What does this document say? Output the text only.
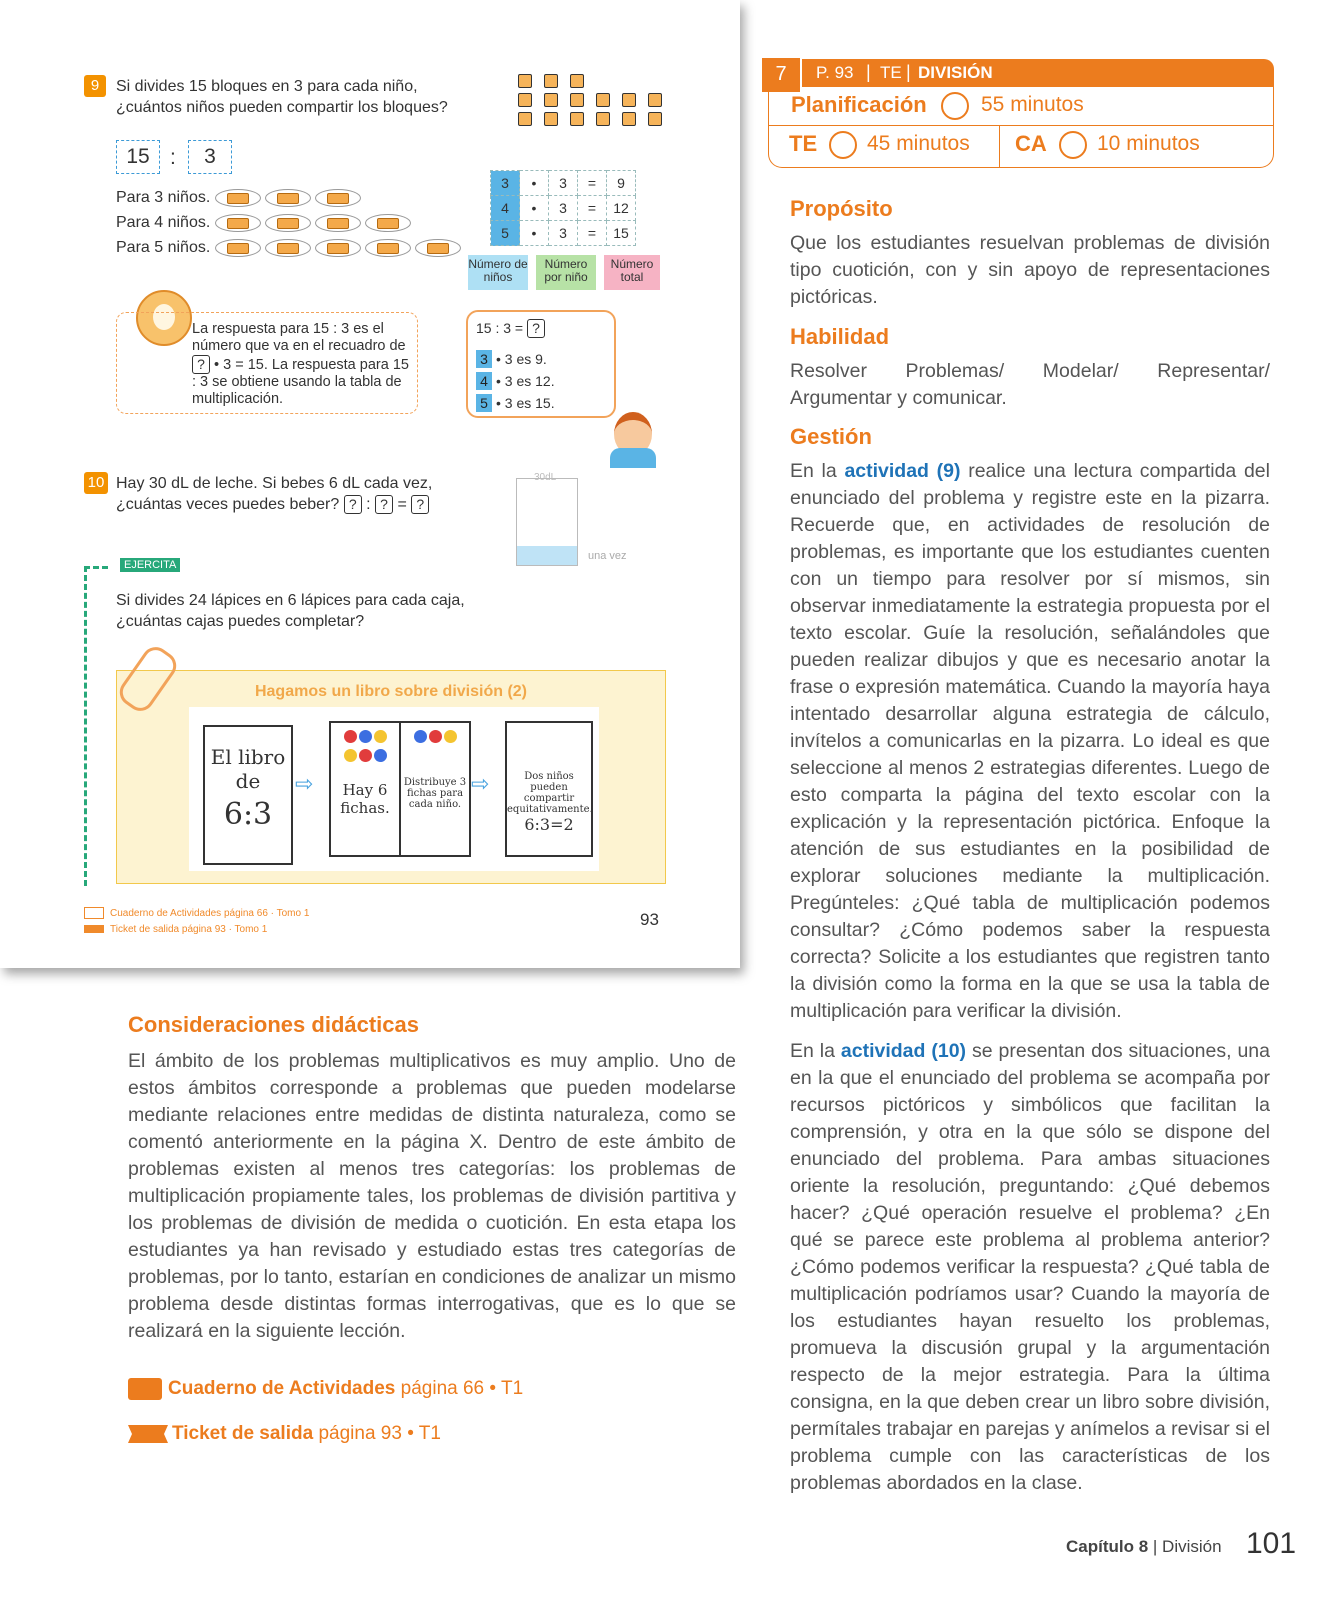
9	Si divides 15 bloques en 3 para cada niño,
¿cuántos niños pueden compartir los bloques?
15 :	3
Para 3 niños.
Para 4 niños.
Para 5 niños.
3	•	3	=	9
4	•	3	=	12
5	•	3	=	15
Número de niños
Número por niño
Número total
La respuesta para 15 : 3 es el número que va en el recuadro de ? • 3 = 15. La respuesta para 15 : 3 se obtiene usando la tabla de multiplicación.
15 : 3 = ?
3 • 3 es 9.
4 • 3 es 12.
5 • 3 es 15.
10 Hay 30 dL de leche. Si bebes 6 dL cada vez,
¿cuántas veces puedes beber? ? : ? = ?
30dL
una vez
EJERCITA
Si divides 24 lápices en 6 lápices para cada caja,
¿cuántas cajas puedes completar?
Hagamos un libro sobre división (2)
El libro
de
6:3
⇨	Hay 6 fichas.
Distribuye 3 fichas para cada niño.
⇨	Dos niños pueden compartir equitativamente.
6:3=2
Cuaderno de Actividades página 66 · Tomo 1
Ticket de salida página 93 · Tomo 1
93
P. 93 | TE | DIVISIÓN
7
Planificación	55 minutos
TE 45 minutos CA 10 minutos
Propósito
Que los estudiantes resuelvan problemas de división tipo cuotición, con y sin apoyo de representaciones pictóricas.
Habilidad
Resolver Problemas/ Modelar/ Representar/ Argumentar y comunicar.
Gestión
En la actividad (9) realice una lectura compartida del enunciado del problema y registre este en la pizarra. Recuerde que, en actividades de resolución de problemas, es importante que los estudiantes cuenten con un tiempo para resolver por sí mismos, sin observar inmediatamente la estrategia propuesta por el texto escolar. Guíe la resolución, señalándoles que pueden realizar dibujos y que es necesario anotar la frase o expresión matemática. Cuando la mayoría haya intentado desarrollar alguna estrategia de cálculo, invítelos a comunicarlas en la pizarra. Lo ideal es que seleccione al menos 2 estrategias diferentes. Luego de esto comparta la página del texto escolar con la explicación y la representación pictórica. Enfoque la atención de sus estudiantes en la posibilidad de explorar soluciones mediante la multiplicación. Pregúnteles: ¿Qué tabla de multiplicación podemos consultar? ¿Cómo podemos saber la respuesta correcta? Solicite a los estudiantes que registren tanto la división como la forma en la que se usa la tabla de multiplicación para verificar la división.
En la actividad (10) se presentan dos situaciones, una en la que el enunciado del problema se acompaña por recursos pictóricos y simbólicos que facilitan la comprensión, y otra en la que sólo se dispone del enunciado del problema. Para ambas situaciones oriente la resolución, preguntando: ¿Qué debemos hacer? ¿Qué operación resuelve el problema? ¿En qué se parece este problema al problema anterior? ¿Cómo podemos verificar la respuesta? ¿Qué tabla de multiplicación podríamos usar? Cuando la mayoría de los estudiantes hayan resuelto los problemas, promueva la discusión grupal y la argumentación respecto de la mejor estrategia. Para la última consigna, en la que deben crear un libro sobre división, permítales trabajar en parejas y anímelos a revisar si el problema cumple con las características de los problemas abordados en la clase.
Consideraciones didácticas
El ámbito de los problemas multiplicativos es muy amplio. Uno de estos ámbitos corresponde a problemas que pueden modelarse mediante relaciones entre medidas de distinta naturaleza, como se comentó anteriormente en la página X. Dentro de este ámbito de problemas existen al menos tres categorías: los problemas de multiplicación propiamente tales, los problemas de división partitiva y los problemas de división de medida o cuotición. En esta etapa los estudiantes ya han revisado y estudiado estas tres categorías de problemas, por lo tanto, estarían en condiciones de analizar un mismo problema desde distintas formas interrogativas, que es lo que se realizará en la siguiente lección.
Cuaderno de Actividades página 66 • T1
Ticket de salida página 93 • T1
Capítulo 8 | División 101
